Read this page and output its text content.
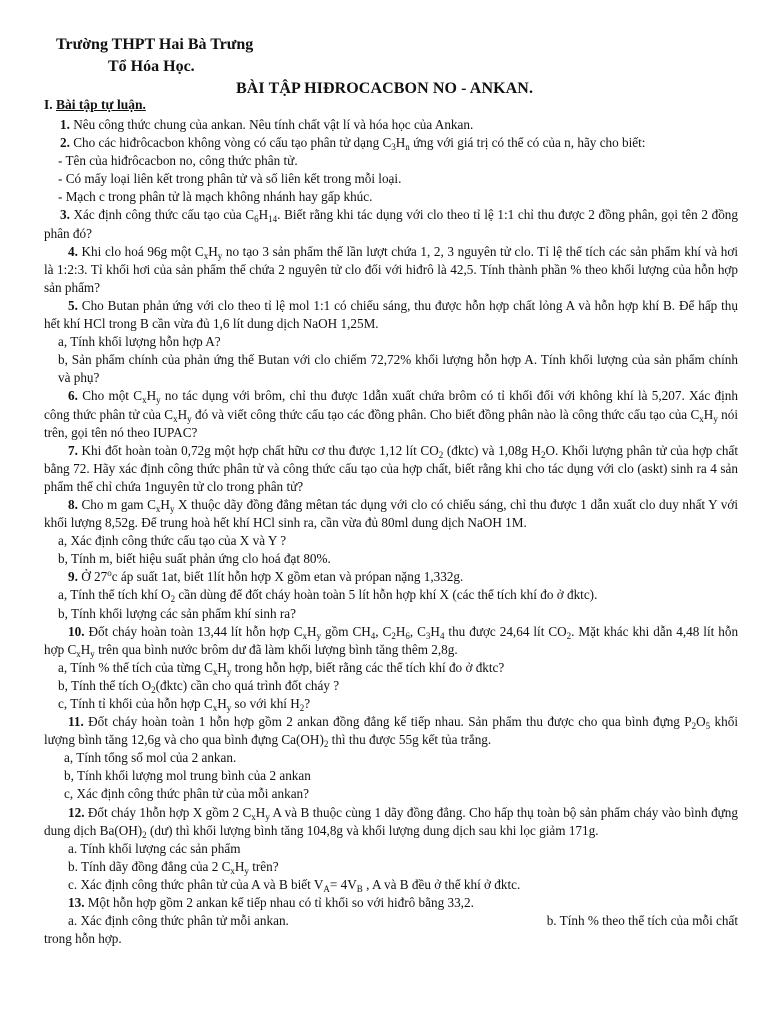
Trường THPT Hai Bà Trưng
Tổ Hóa Học.
BÀI TẬP HIĐROCACBON NO - ANKAN.
I. Bài tập tự luận.

1. Nêu công thức chung của ankan. Nêu tính chất vật lí và hóa học của Ankan.

2. Cho các hiđrôcacbon không vòng có cấu tạo phân tử dạng $C_3H_n$ ứng với giá trị có thể có của n, hãy cho biết:

- Tên của hiđrôcacbon no, công thức phân tử.

- Có mấy loại liên kết trong phân tử và số liên kết trong mỗi loại.

- Mạch c trong phân tử là mạch không nhánh hay gấp khúc.

3. Xác định công thức cấu tạo của $C_6H_{14}$. Biết rằng khi tác dụng với clo theo tỉ lệ 1:1 chỉ thu được 2 đồng phân, gọi tên 2 đồng phân đó?

4. Khi clo hoá 96g một $C_xH_y$ no tạo 3 sản phẩm thế lần lượt chứa 1, 2, 3 nguyên tử clo. Tỉ lệ thể tích các sản phẩm khí và hơi là 1:2:3. Tỉ khối hơi của sản phẩm thế chứa 2 nguyên tử clo đối với hiđrô là 42,5. Tính thành phần % theo khối lượng của hỗn hợp sản phẩm?

5. Cho Butan phản ứng với clo theo tỉ lệ mol 1:1 có chiếu sáng, thu được hỗn hợp chất lỏng A và hỗn hợp khí B. Để hấp thụ hết khí HCl trong B cần vừa đủ 1,6 lít dung dịch NaOH 1,25M.

a, Tính khối lượng hỗn hợp A?

b, Sản phẩm chính của phản ứng thế Butan với clo chiếm 72,72% khối lượng hỗn hợp A. Tính khối lượng của sản phẩm chính và phụ?

6. Cho một $C_xH_y$ no tác dụng với brôm, chỉ thu được 1dẫn xuất chứa brôm có tỉ khối đối với không khí là 5,207. Xác định công thức phân tử của $C_xH_y$ đó và viết công thức cấu tạo các đồng phân. Cho biết đồng phân nào là công thức cấu tạo của $C_xH_y$ nói trên, gọi tên nó theo IUPAC?

7. Khi đốt hoàn toàn 0,72g một hợp chất hữu cơ thu được 1,12 lít $CO_2$ (đktc) và 1,08g $H_2O$. Khối lượng phân tử của hợp chất bằng 72. Hãy xác định công thức phân tử và công thức cấu tạo của hợp chất, biết rằng khi cho tác dụng với clo (askt) sinh ra 4 sản phẩm thế chỉ chứa 1nguyên tử clo trong phân tử?

8. Cho m gam $C_xH_y$ X thuộc dãy đồng đẳng mêtan tác dụng với clo có chiếu sáng, chỉ thu được 1 dẫn xuất clo duy nhất Y với khối lượng 8,52g. Để trung hoà hết khí HCl sinh ra, cần vừa đủ 80ml dung dịch NaOH 1M.

a, Xác định công thức cấu tạo của X và Y ?

b, Tính m, biết hiệu suất phản ứng clo hoá đạt 80%.

9. Ở 27$^o$c áp suất 1at, biết 1lít hỗn hợp X gồm etan và própan nặng 1,332g.

a, Tính thể tích khí $O_2$ cần dùng để đốt cháy hoàn toàn 5 lít hỗn hợp khí X (các thể tích khí đo ở đktc).

b, Tính khối lượng các sản phẩm khí sinh ra?

10. Đốt cháy hoàn toàn 13,44 lít hỗn hợp $C_xH_y$ gồm $CH_4$, $C_2H_6$, $C_3H_4$ thu được 24,64 lít $CO_2$. Mặt khác khi dẫn 4,48 lít hỗn hợp $C_xH_y$ trên qua bình nước brôm dư đã làm khối lượng bình tăng thêm 2,8g.

a, Tính % thể tích của từng $C_xH_y$ trong hỗn hợp, biết rằng các thể tích khí đo ở đktc?

b, Tính thể tích $O_2(đktc)$ cần cho quá trình đốt cháy ?

c, Tính tỉ khối của hỗn hợp $C_xH_y$ so với khí $H_2$?

11. Đốt cháy hoàn toàn 1 hỗn hợp gồm 2 ankan đồng đẳng kế tiếp nhau. Sản phẩm thu được cho qua bình đựng $P_2O_5$ khối lượng bình tăng 12,6g và cho qua bình đựng $Ca(OH)_2$ thì thu được 55g kết tủa trắng.

a, Tính tổng số mol của 2 ankan.

b, Tính khối lượng mol trung bình của 2 ankan

c, Xác định công thức phân tử của mỗi ankan?

12. Đốt cháy 1hỗn hợp X gồm 2 $C_xH_y$ A và B thuộc cùng 1 dãy đồng đẳng. Cho hấp thụ toàn bộ sản phẩm cháy vào bình đựng dung dịch $Ba(OH)_2$ (dư) thì khối lượng bình tăng 104,8g và khối lượng dung dịch sau khi lọc giảm 171g.

a. Tính khối lượng các sản phẩm

b. Tính dãy đồng đẳng của 2 $C_xH_y$ trên?

c. Xác định công thức phân tử của A và B biết $V_A= 4V_B$ , A và B đều ở thể khí ở đktc.

13. Một hỗn hợp gồm 2 ankan kế tiếp nhau có tỉ khối so với hiđrô bằng 33,2.

a. Xác định công thức phân tử mỗi ankan.	b. Tính % theo thể tích của mỗi chất

trong hỗn hợp.
